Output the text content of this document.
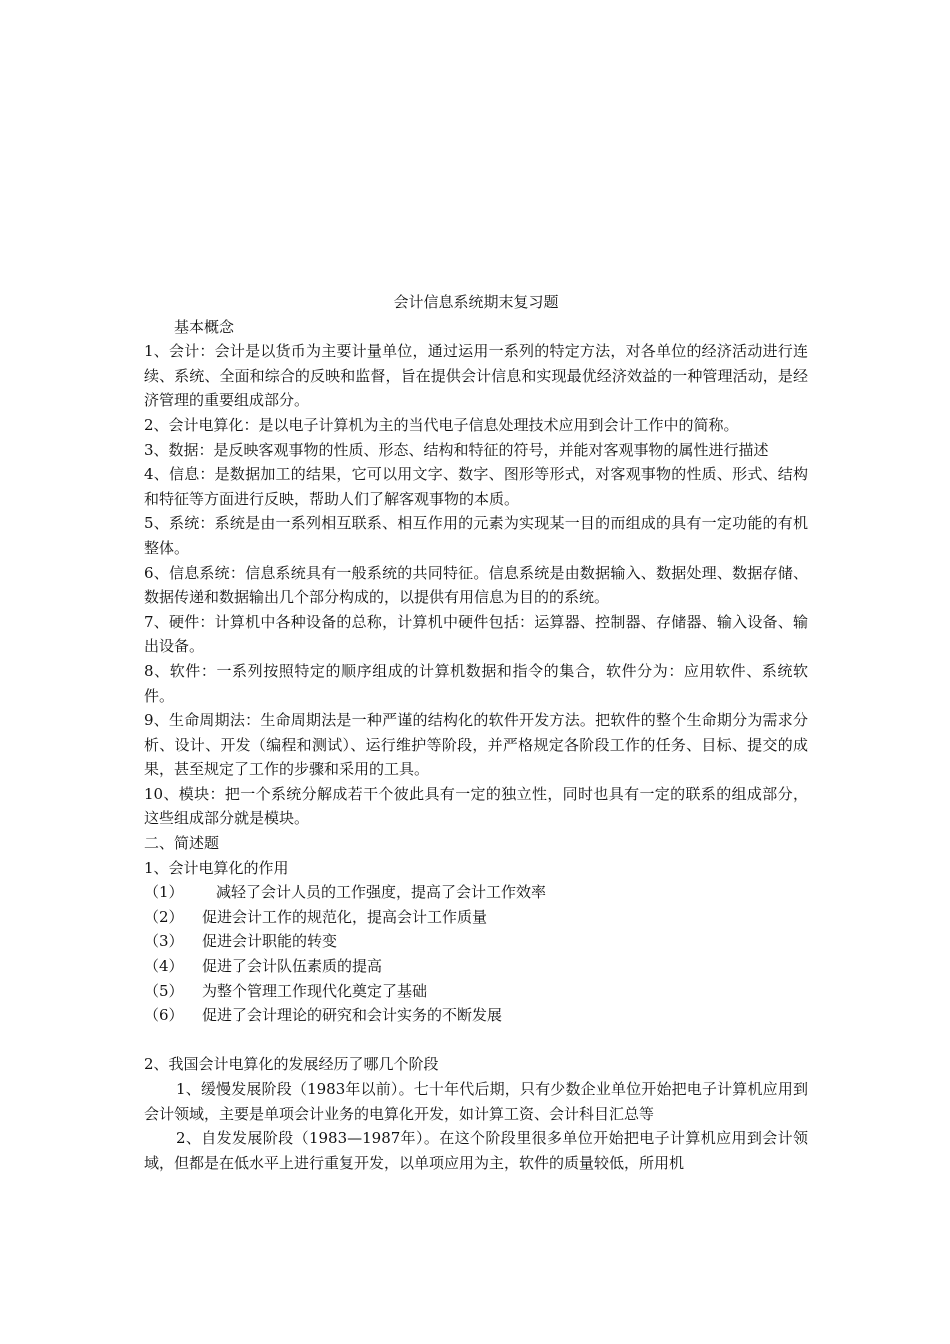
会计信息系统期末复习题

基本概念

1、会计：会计是以货币为主要计量单位，通过运用一系列的特定方法，对各单位的经济活动进行连续、系统、全面和综合的反映和监督，旨在提供会计信息和实现最优经济效益的一种管理活动，是经济管理的重要组成部分。

2、会计电算化：是以电子计算机为主的当代电子信息处理技术应用到会计工作中的简称。

3、数据：是反映客观事物的性质、形态、结构和特征的符号，并能对客观事物的属性进行描述

4、信息：是数据加工的结果，它可以用文字、数字、图形等形式，对客观事物的性质、形式、结构和特征等方面进行反映，帮助人们了解客观事物的本质。

5、系统：系统是由一系列相互联系、相互作用的元素为实现某一目的而组成的具有一定功能的有机整体。

6、信息系统：信息系统具有一般系统的共同特征。信息系统是由数据输入、数据处理、数据存储、数据传递和数据输出几个部分构成的，以提供有用信息为目的的系统。

7、硬件：计算机中各种设备的总称，计算机中硬件包括：运算器、控制器、存储器、输入设备、输出设备。

8、软件：一系列按照特定的顺序组成的计算机数据和指令的集合，软件分为：应用软件、系统软件。

9、生命周期法：生命周期法是一种严谨的结构化的软件开发方法。把软件的整个生命期分为需求分析、设计、开发（编程和测试）、运行维护等阶段，并严格规定各阶段工作的任务、目标、提交的成果，甚至规定了工作的步骤和采用的工具。

10、模块：把一个系统分解成若干个彼此具有一定的独立性，同时也具有一定的联系的组成部分，这些组成部分就是模块。

二、简述题
1、会计电算化的作用
（1）	减轻了会计人员的工作强度，提高了会计工作效率
（2）	促进会计工作的规范化，提高会计工作质量
（3）	促进会计职能的转变
（4）	促进了会计队伍素质的提高
（5）	为整个管理工作现代化奠定了基础
（6）	促进了会计理论的研究和会计实务的不断发展
2、我国会计电算化的发展经历了哪几个阶段

1、缓慢发展阶段（1983年以前）。七十年代后期，只有少数企业单位开始把电子计算机应用到会计领域，主要是单项会计业务的电算化开发，如计算工资、会计科目汇总等

2、自发发展阶段（1983—1987年）。在这个阶段里很多单位开始把电子计算机应用到会计领域，但都是在低水平上进行重复开发，以单项应用为主，软件的质量较低，所用机
